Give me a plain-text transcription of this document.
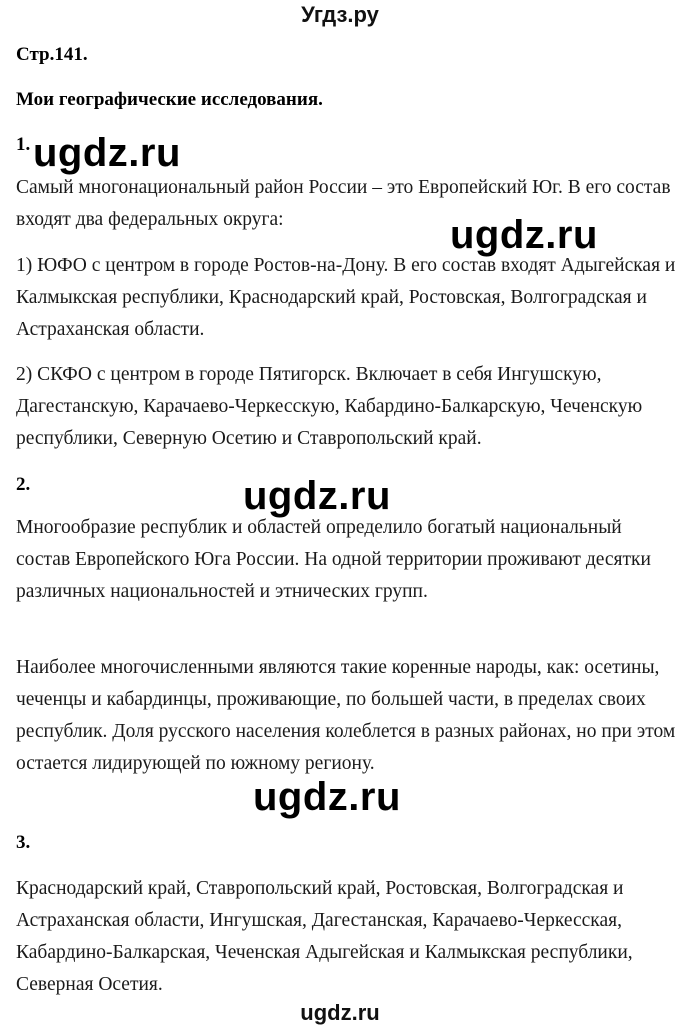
Угдз.ру
Стр.141.
Мои географические исследования.
1.

Самый многонациональный район России – это Европейский Юг. В его состав входят два федеральных округа:

1) ЮФО с центром в городе Ростов-на-Дону. В его состав входят Адыгейская и Калмыкская республики, Краснодарский край, Ростовская, Волгоградская и Астраханская области.

2) СКФО с центром в городе Пятигорск. Включает в себя Ингушскую, Дагестанскую, Карачаево-Черкесскую, Кабардино-Балкарскую, Чеченскую республики, Северную Осетию и Ставропольский край.

2.

Многообразие республик и областей определило богатый национальный состав Европейского Юга России. На одной территории проживают десятки различных национальностей и этнических групп.

Наиболее многочисленными являются такие коренные народы, как: осетины, чеченцы и кабардинцы, проживающие, по большей части, в пределах своих республик. Доля русского населения колеблется в разных районах, но при этом остается лидирующей по южному региону.

3.

Краснодарский край, Ставропольский край, Ростовская, Волгоградская и Астраханская области, Ингушская, Дагестанская, Карачаево-Черкесская, Кабардино-Балкарская, Чеченская Адыгейская и Калмыкская республики, Северная Осетия.

ugdz.ru
ugdz.ru
ugdz.ru
ugdz.ru
ugdz.ru
